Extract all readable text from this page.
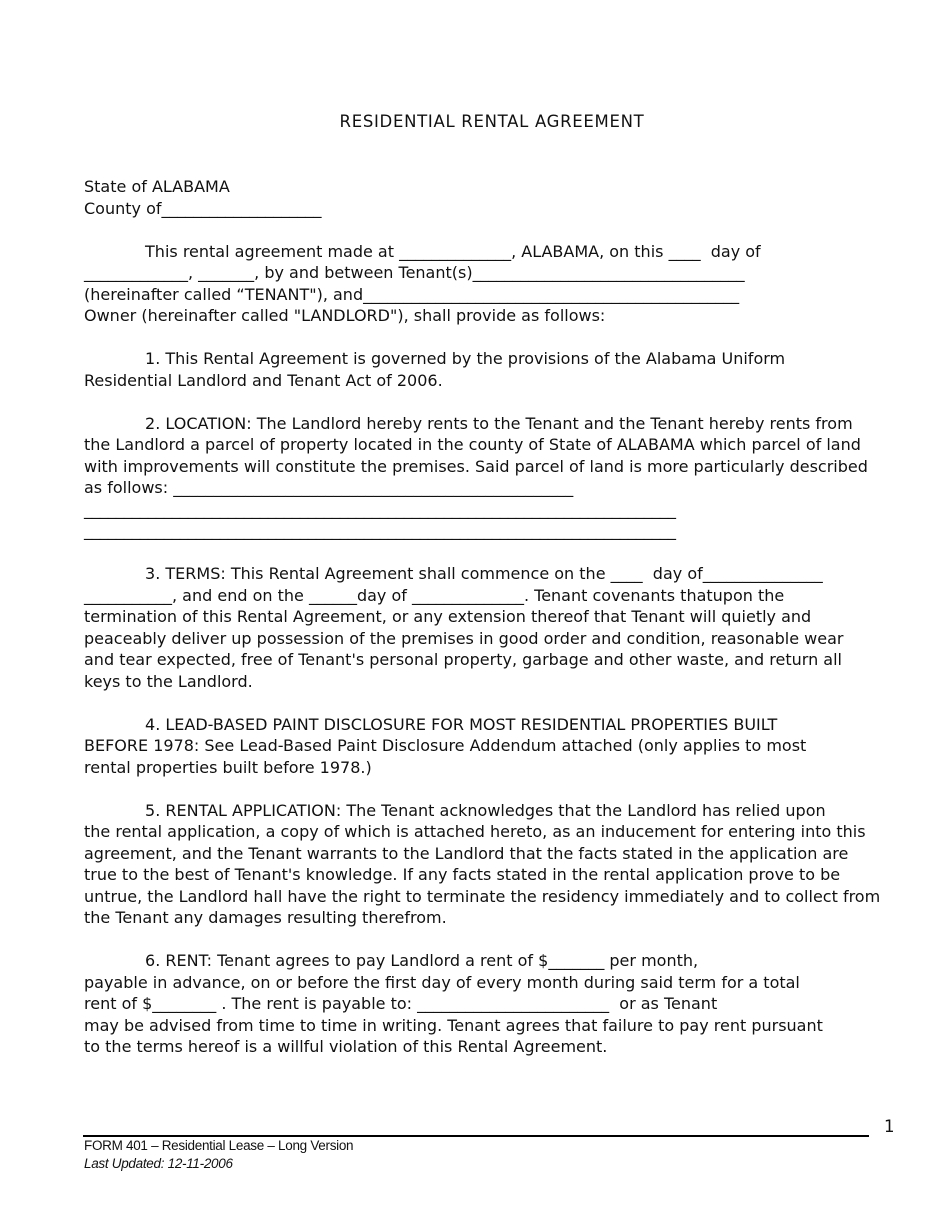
RESIDENTIAL RENTAL AGREEMENT
State of ALABAMA
County of____________________
This rental agreement made at ______________, ALABAMA, on this ____  day of
_____________, _______, by and between Tenant(s)__________________________________
(hereinafter called “TENANT"), and_______________________________________________
Owner (hereinafter called "LANDLORD"), shall provide as follows:
1. This Rental Agreement is governed by the provisions of the Alabama Uniform
Residential Landlord and Tenant Act of 2006.
2. LOCATION: The Landlord hereby rents to the Tenant and the Tenant hereby rents from
the Landlord a parcel of property located in the county of State of ALABAMA which parcel of land
with improvements will constitute the premises. Said parcel of land is more particularly described
as follows: __________________________________________________
__________________________________________________________________________
__________________________________________________________________________
3. TERMS: This Rental Agreement shall commence on the ____  day of_______________
___________, and end on the ______day of ______________. Tenant covenants thatupon the
termination of this Rental Agreement, or any extension thereof that Tenant will quietly and
peaceably deliver up possession of the premises in good order and condition, reasonable wear
and tear expected, free of Tenant's personal property, garbage and other waste, and return all
keys to the Landlord.
4. LEAD-BASED PAINT DISCLOSURE FOR MOST RESIDENTIAL PROPERTIES BUILT
BEFORE 1978: See Lead-Based Paint Disclosure Addendum attached (only applies to most
rental properties built before 1978.)
5. RENTAL APPLICATION: The Tenant acknowledges that the Landlord has relied upon
the rental application, a copy of which is attached hereto, as an inducement for entering into this
agreement, and the Tenant warrants to the Landlord that the facts stated in the application are
true to the best of Tenant's knowledge. If any facts stated in the rental application prove to be
untrue, the Landlord hall have the right to terminate the residency immediately and to collect from
the Tenant any damages resulting therefrom.
6. RENT: Tenant agrees to pay Landlord a rent of $_______ per month,
payable in advance, on or before the first day of every month during said term for a total
rent of $________ . The rent is payable to: ________________________  or as Tenant
may be advised from time to time in writing. Tenant agrees that failure to pay rent pursuant
to the terms hereof is a willful violation of this Rental Agreement.
1
FORM 401 – Residential Lease – Long Version
Last Updated: 12-11-2006
